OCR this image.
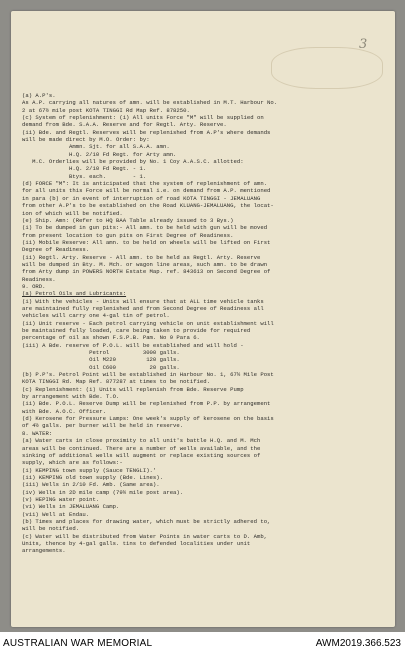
3
(a) A.P's.
As A.P. carrying all natures of amn. will be established in M.T. Harbour No.
2 at 67½ mile post KOTA TINGGI Rd Map Ref. 878250.
(c) System of replenishment: (i) All units Force "M" will be supplied on
demand from Bde. S.A.A. Reserve and for Regtl. Arty. Reserve.
(ii) Bde. and Regtl. Reserves will be replenished from A.P's where demands
will be made direct by M.O. Order: by:
Ammn. Sjt. for all S.A.A. amn.
H.Q. 2/10 Fd Regt. for Arty amn.
M.C. Orderlies will be provided by No. 1 Coy A.A.S.C. allotted:
H.Q. 2/10 Fd Regt. - 1.
Btys. each.        - 1.
(d) FORCE "M": It is anticipated that the system of replenishment of amn.
for all units this Force will be normal i.e. on demand from A.P. mentioned
in para (b) or in event of interruption of road KOTA TINGGI - JEMALUANG
from other A.P's to be established on the Road KLUANG-JEMALUANG, the locat-
ion of which will be notified.
(e) Ship. Amn: (Refer to HQ BAA Table already issued to 3 Bys.)
(i) To be dumped in gun pits:- All amn. to be held with gun will be moved
from present location to gun pits on First Degree of Readiness.
(ii) Mobile Reserve: All amn. to be held on wheels will be lifted on First
Degree of Readiness.
(ii) Regtl. Arty. Reserve - All amn. to be held as Regtl. Arty. Reserve
will be dumped in Bty. M. Mch. or wagon line areas, such amn. to be drawn
from Arty dump in POWERS NORTH Estate Map. ref. 843613 on Second Degree of
Readiness.
9. ORD.
(a) Petrol Oils and Lubricants:
(i) With the vehicles - Units will ensure that at ALL time vehicle tanks
are maintained fully replenished and from Second Degree of Readiness all
vehicles will carry one 4-gal tin of petrol.
(ii) Unit reserve - Each petrol carrying vehicle on unit establishment will
be maintained fully loaded, care being taken to provide for required
percentage of oil as shown F.S.P.B. Pam. No 9 Para 6.
(iii) A Bde. reserve of P.O.L. will be established and will hold -
Petrol          3000 galls.
Oil M220         120 galls.
Oil C600          20 galls.
(b) P.P's. Petrol Point will be established in Harbour No. 1, 67½ Mile Post
KOTA TINGGI Rd. Map Ref. 877287 at times to be notified.
(c) Replenishment: (i) Units will replenish from Bde. Reserve Pump
by arrangement with Bde. T.O.
(ii) Bde. P.O.L. Reserve Dump will be replenished from P.P. by arrangement
with Bde. A.O.C. Officer.
(d) Kerosene for Pressure Lamps: One week's supply of kerosene on the basis
of 4½ galls. per burner will be held in reserve.
8. WATER:
(a) Water carts in close proximity to all unit's battle H.Q. and M. Mch
areas will be continued. There are a number of wells available, and the
sinking of additional wells will augment or replace existing sources of
supply, which are as follows:-
(i) KEMPING town supply (Sauce TENGLI).'
(ii) KEMPING old town supply (Bde. Lines).
(iii) Wells in 2/10 Fd. Amb. (Same area).
(iv) Wells in 2D mile camp (79½ mile post area).
(v) HEPING water point.
(vi) Wells in JEMALUANG Camp.
(vii) Well at Endau.
(b) Times and places for drawing water, which must be strictly adhered to,
will be notified.
(c) Water will be distributed from Water Points in water carts to D. Amb,
Units, thence by 4-gal galls. tins to defended localities under unit
arrangements.
AUSTRALIAN WAR MEMORIAL	AWM2019.366.523
